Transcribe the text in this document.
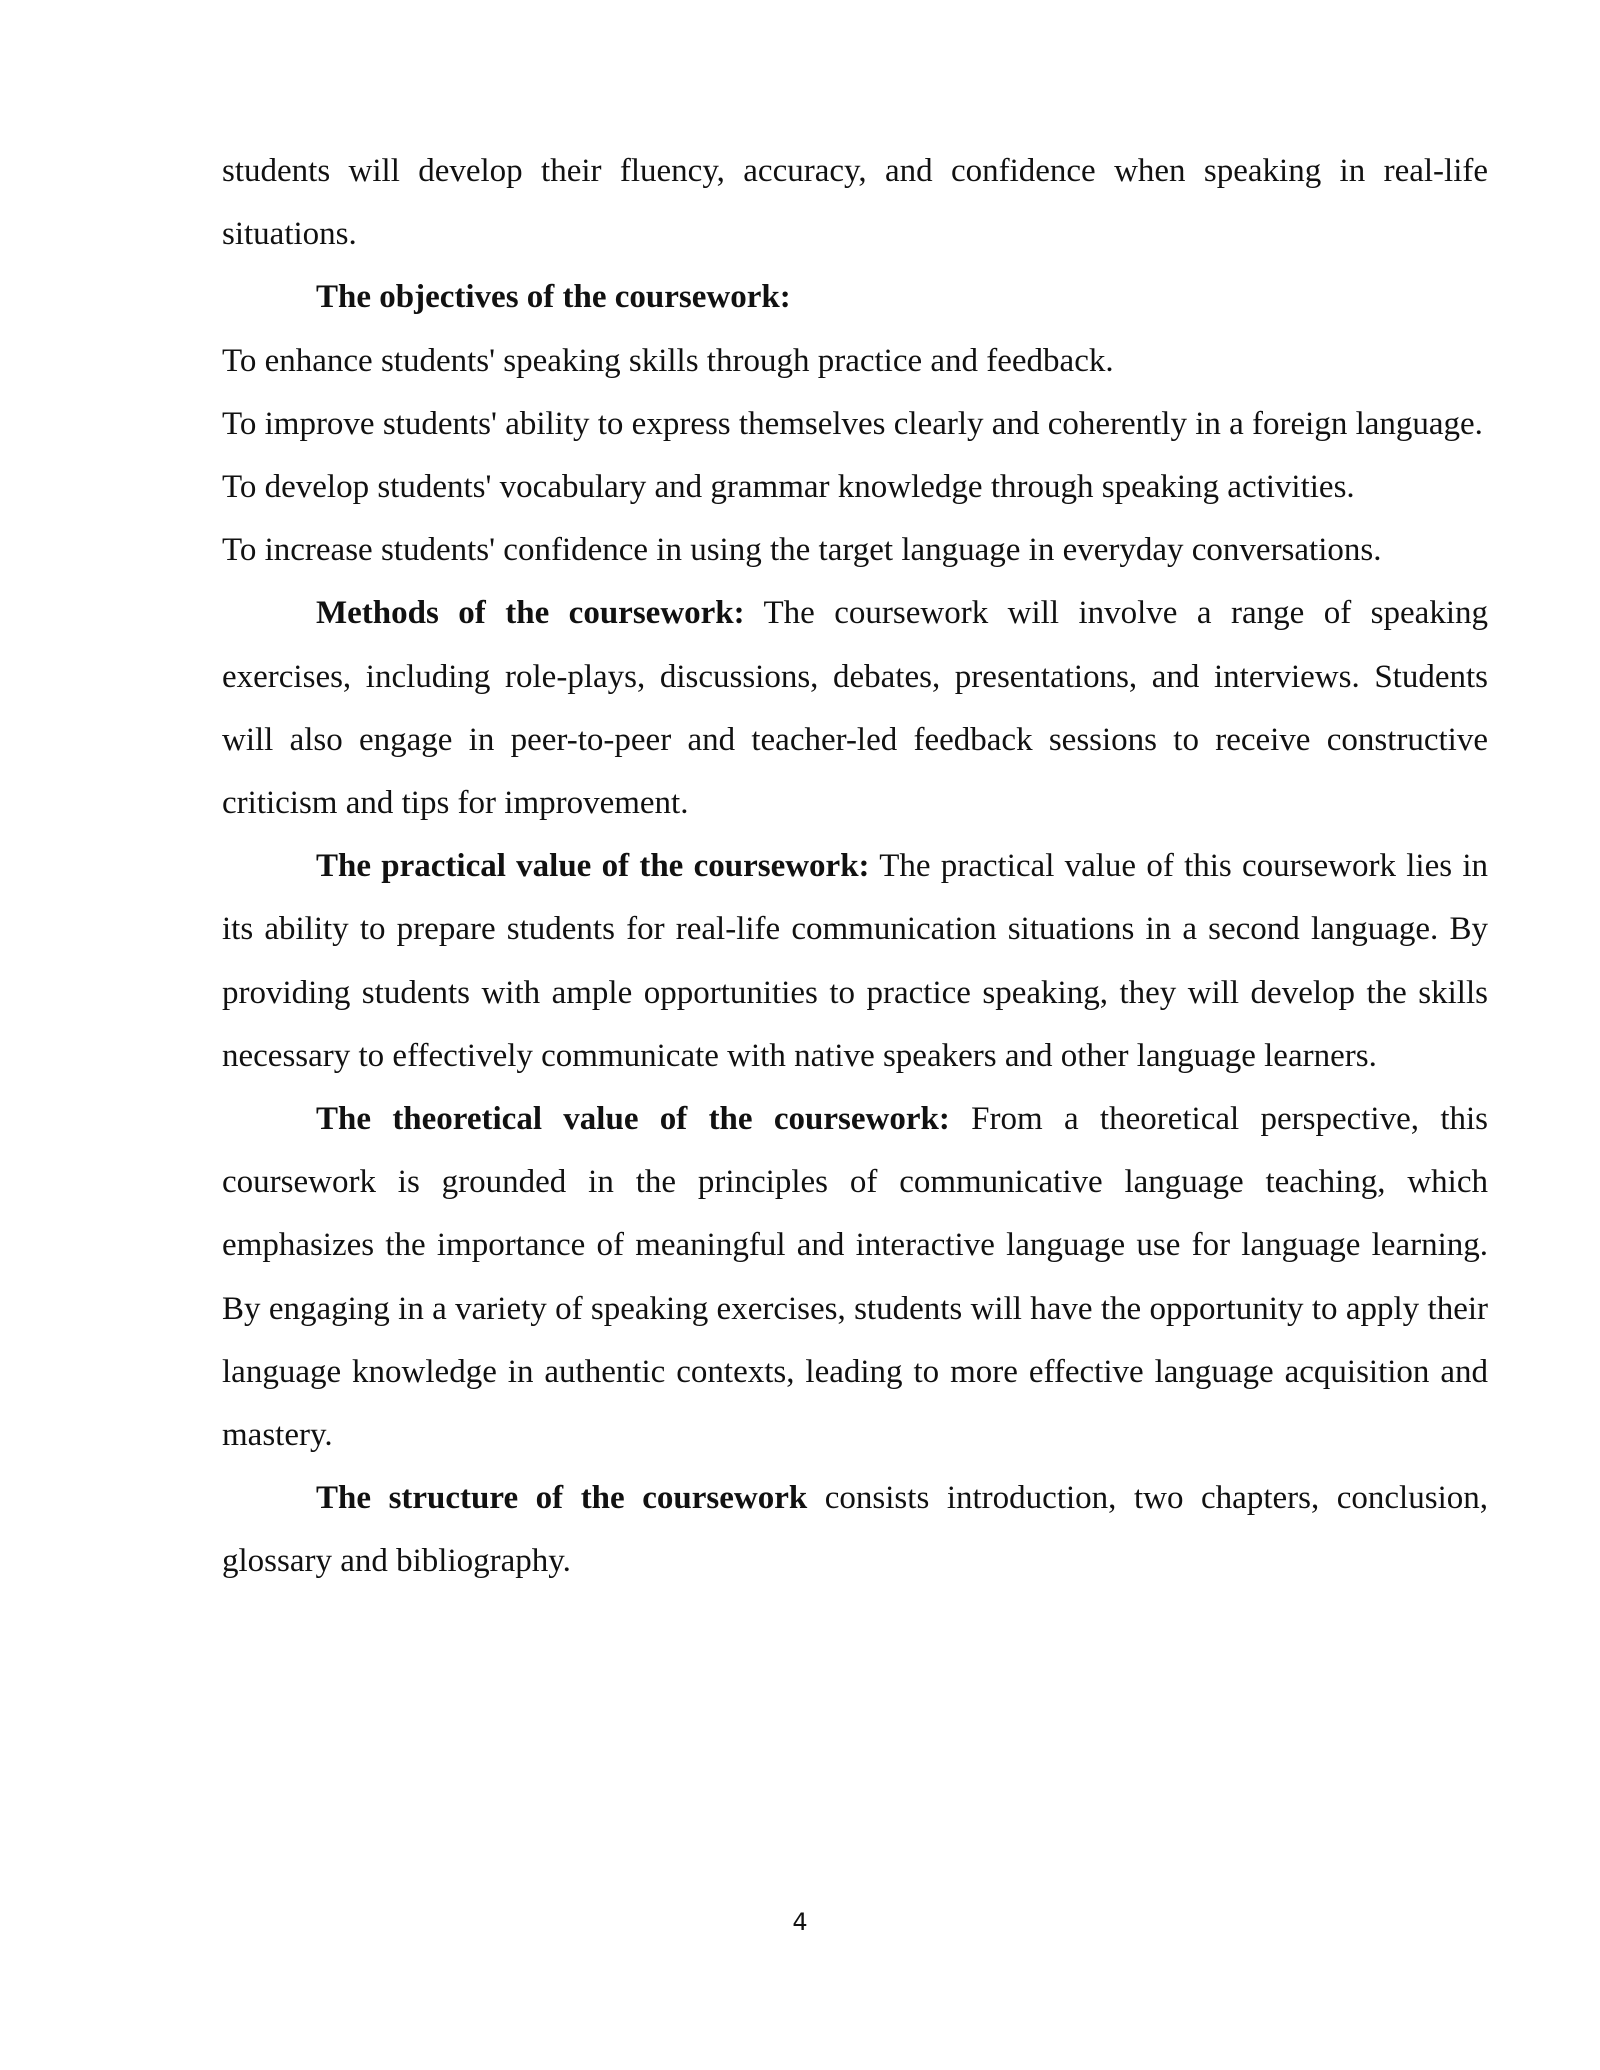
students will develop their fluency, accuracy, and confidence when speaking in real-life situations.

The objectives of the coursework:

To enhance students' speaking skills through practice and feedback.

To improve students' ability to express themselves clearly and coherently in a foreign language.

To develop students' vocabulary and grammar knowledge through speaking activities.

To increase students' confidence in using the target language in everyday conversations.

Methods of the coursework: The coursework will involve a range of speaking exercises, including role-plays, discussions, debates, presentations, and interviews. Students will also engage in peer-to-peer and teacher-led feedback sessions to receive constructive criticism and tips for improvement.

The practical value of the coursework: The practical value of this coursework lies in its ability to prepare students for real-life communication situations in a second language. By providing students with ample opportunities to practice speaking, they will develop the skills necessary to effectively communicate with native speakers and other language learners.

The theoretical value of the coursework: From a theoretical perspective, this coursework is grounded in the principles of communicative language teaching, which emphasizes the importance of meaningful and interactive language use for language learning. By engaging in a variety of speaking exercises, students will have the opportunity to apply their language knowledge in authentic contexts, leading to more effective language acquisition and mastery.

The structure of the coursework consists introduction, two chapters, conclusion, glossary and bibliography.

4
